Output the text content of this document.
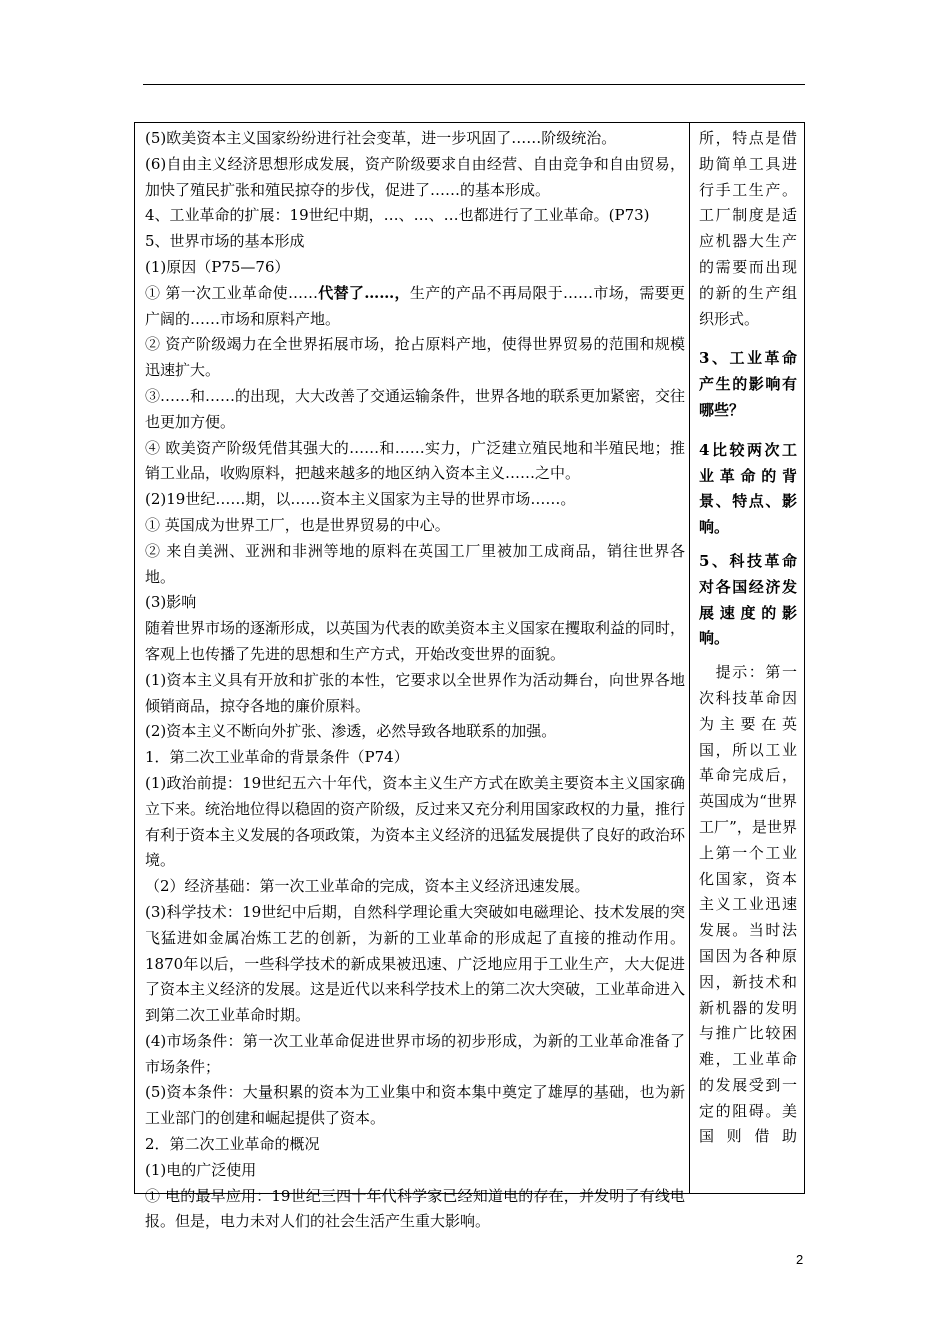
(5)欧美资本主义国家纷纷进行社会变革，进一步巩固了……阶级统治。

(6)自由主义经济思想形成发展，资产阶级要求自由经营、自由竞争和自由贸易，加快了殖民扩张和殖民掠夺的步伐，促进了……的基本形成。

4、工业革命的扩展：19世纪中期，…、…、…也都进行了工业革命。(P73)

5、世界市场的基本形成

(1)原因（P75—76）

① 第一次工业革命使……代替了……，生产的产品不再局限于……市场，需要更广阔的……市场和原料产地。

② 资产阶级竭力在全世界拓展市场，抢占原料产地，使得世界贸易的范围和规模迅速扩大。

③……和……的出现，大大改善了交通运输条件，世界各地的联系更加紧密，交往也更加方便。

④ 欧美资产阶级凭借其强大的……和……实力，广泛建立殖民地和半殖民地；推销工业品，收购原料，把越来越多的地区纳入资本主义……之中。

(2)19世纪……期，以……资本主义国家为主导的世界市场……。

① 英国成为世界工厂，也是世界贸易的中心。

② 来自美洲、亚洲和非洲等地的原料在英国工厂里被加工成商品，销往世界各地。

(3)影响

随着世界市场的逐渐形成，以英国为代表的欧美资本主义国家在攫取利益的同时，客观上也传播了先进的思想和生产方式，开始改变世界的面貌。

(1)资本主义具有开放和扩张的本性，它要求以全世界作为活动舞台，向世界各地倾销商品，掠夺各地的廉价原料。

(2)资本主义不断向外扩张、渗透，必然导致各地联系的加强。

1．第二次工业革命的背景条件（P74）

(1)政治前提：19世纪五六十年代，资本主义生产方式在欧美主要资本主义国家确立下来。统治地位得以稳固的资产阶级，反过来又充分利用国家政权的力量，推行有利于资本主义发展的各项政策，为资本主义经济的迅猛发展提供了良好的政治环境。

（2）经济基础：第一次工业革命的完成，资本主义经济迅速发展。

(3)科学技术：19世纪中后期，自然科学理论重大突破如电磁理论、技术发展的突飞猛进如金属冶炼工艺的创新，为新的工业革命的形成起了直接的推动作用。 1870年以后，一些科学技术的新成果被迅速、广泛地应用于工业生产，大大促进了资本主义经济的发展。这是近代以来科学技术上的第二次大突破，工业革命进入到第二次工业革命时期。

(4)市场条件：第一次工业革命促进世界市场的初步形成，为新的工业革命准备了市场条件；

(5)资本条件：大量积累的资本为工业集中和资本集中奠定了雄厚的基础，也为新工业部门的创建和崛起提供了资本。

2．第二次工业革命的概况

(1)电的广泛使用

① 电的最早应用：19世纪三四十年代科学家已经知道电的存在，并发明了有线电报。但是，电力未对人们的社会生活产生重大影响。

所，特点是借助简单工具进行手工生产。工厂制度是适应机器大生产的需要而出现的新的生产组织形式。

3、工业革命产生的影响有哪些？

4比较两次工业革命的背景、特点、影响。

5、科技革命对各国经济发展速度的影响。

　提示：第一次科技革命因为主要在英国，所以工业革命完成后，英国成为“世界工厂”，是世界上第一个工业化国家，资本主义工业迅速发展。当时法国因为各种原因，新技术和新机器的发明与推广比较困难，工业革命的发展受到一定的阻碍。美国则借助

2
